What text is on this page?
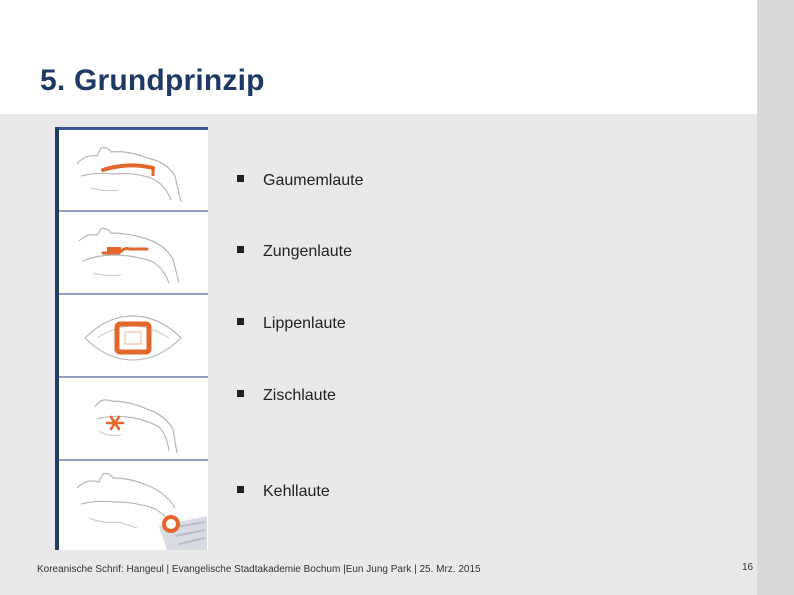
5. Grundprinzip
Gaumemlaute
Zungenlaute
Lippenlaute
Zischlaute
Kehllaute
Koreanische Schrif: Hangeul | Evangelische Stadtakademie Bochum |Eun Jung Park | 25. Mrz. 2015	16
